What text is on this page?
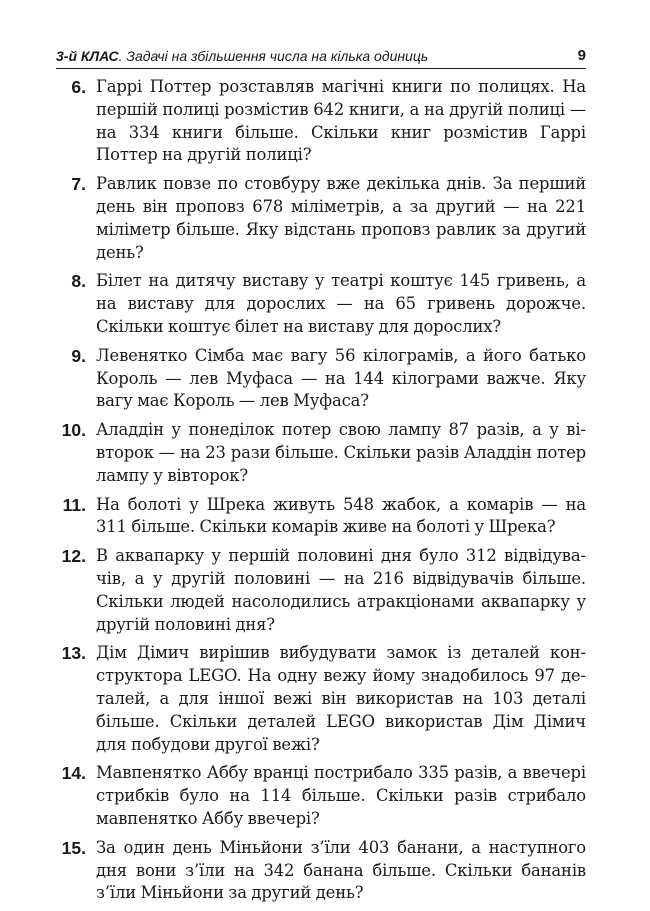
3-й КЛАС. Задачі на збільшення числа на кілька одиниць	9
6. Гаррі Поттер розставляв магічні книги по полицях. На першій полиці розмістив 642 книги, а на другій полиці — на 334 книги більше. Скільки книг розмістив Гаррі Поттер на другій полиці?
7. Равлик повзе по стовбуру вже декілька днів. За перший день він проповз 678 міліметрів, а за другий — на 221 міліметр більше. Яку відстань проповз равлик за другий день?
8. Білет на дитячу виставу у театрі коштує 145 гривень, а на виставу для дорослих — на 65 гривень дорожче. Скільки коштує білет на виставу для дорослих?
9. Левенятко Сімба має вагу 56 кілограмів, а його батько Король — лев Муфаса — на 144 кілограми важче. Яку вагу має Король — лев Муфаса?
10. Аладдін у понеділок потер свою лампу 87 разів, а у вівторок — на 23 рази більше. Скільки разів Аладдін потер лампу у вівторок?
11. На болоті у Шрека живуть 548 жабок, а комарів — на 311 більше. Скільки комарів живе на болоті у Шрека?
12. В аквапарку у першій половині дня було 312 відвідувачів, а у другій половині — на 216 відвідувачів більше. Скільки людей насолодились атракціонами аквапарку у другій половині дня?
13. Дім Дімич вирішив вибудувати замок із деталей конструктора LEGO. На одну вежу йому знадобилось 97 деталей, а для іншої вежі він використав на 103 деталі більше. Скільки деталей LEGO використав Дім Дімич для побудови другої вежі?
14. Мавпенятко Аббу вранці пострибало 335 разів, а ввечері стрибків було на 114 більше. Скільки разів стрибало мавпенятко Аббу ввечері?
15. За один день Міньйони з’їли 403 банани, а наступного дня вони з’їли на 342 банана більше. Скільки бананів з’їли Міньйони за другий день?
